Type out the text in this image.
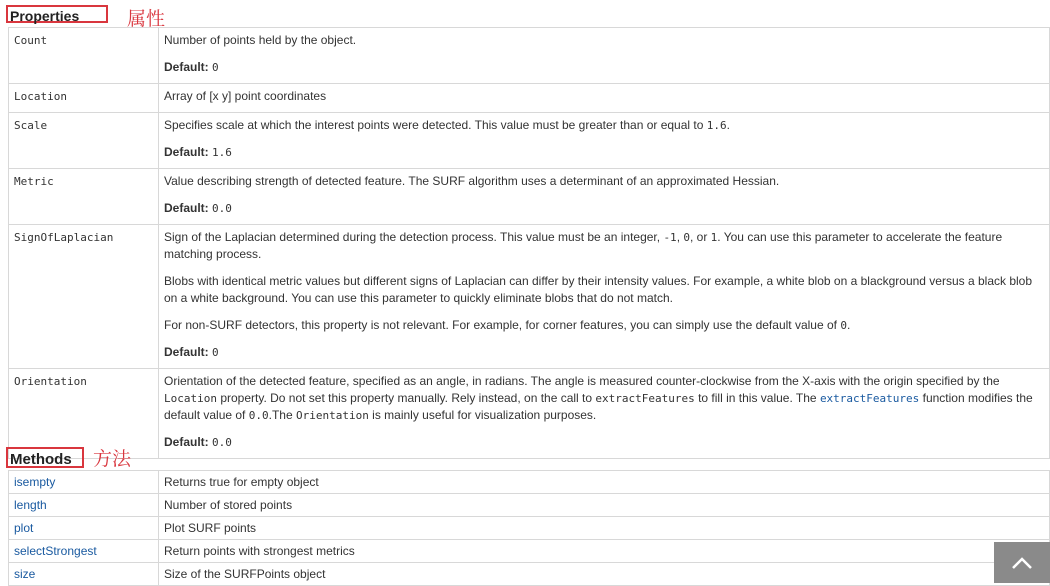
Properties	属性
Count	Number of points held by the object.

Default: 0

Location	Array of [x y] point coordinates

Scale	Specifies scale at which the interest points were detected. This value must be greater than or equal to 1.6.

Default: 1.6

Metric	Value describing strength of detected feature. The SURF algorithm uses a determinant of an approximated Hessian.

Default: 0.0

SignOfLaplacian	Sign of the Laplacian determined during the detection process. This value must be an integer, -1, 0, or 1. You can use this parameter to accelerate the feature matching process.

Blobs with identical metric values but different signs of Laplacian can differ by their intensity values. For example, a white blob on a blackground versus a black blob on a white background. You can use this parameter to quickly eliminate blobs that do not match.

For non-SURF detectors, this property is not relevant. For example, for corner features, you can simply use the default value of 0.

Default: 0

Orientation	Orientation of the detected feature, specified as an angle, in radians. The angle is measured counter-clockwise from the X-axis with the origin specified by the Location property. Do not set this property manually. Rely instead, on the call to extractFeatures to fill in this value. The extractFeatures function modifies the default value of 0.0.The Orientation is mainly useful for visualization purposes.

Default: 0.0

Methods	方法
isempty	Returns true for empty object
length	Number of stored points
plot	Plot SURF points
selectStrongest	Return points with strongest metrics
size	Size of the SURFPoints object
